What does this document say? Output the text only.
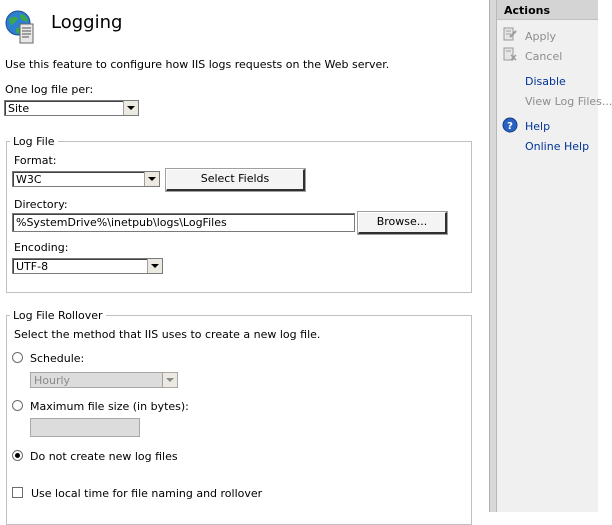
Logging
Use this feature to configure how IIS logs requests on the Web server.
One log file per:
Site
Log File
Format:
W3C	Select Fields
Directory:
%SystemDrive%\inetpub\logs\LogFiles	Browse...
Encoding:
UTF-8
Log File Rollover
Select the method that IIS uses to create a new log file.
Schedule:
Hourly
Maximum file size (in bytes):
Do not create new log files
Use local time for file naming and rollover
Actions
Apply
Cancel
Disable
View Log Files...
? Help
Online Help
